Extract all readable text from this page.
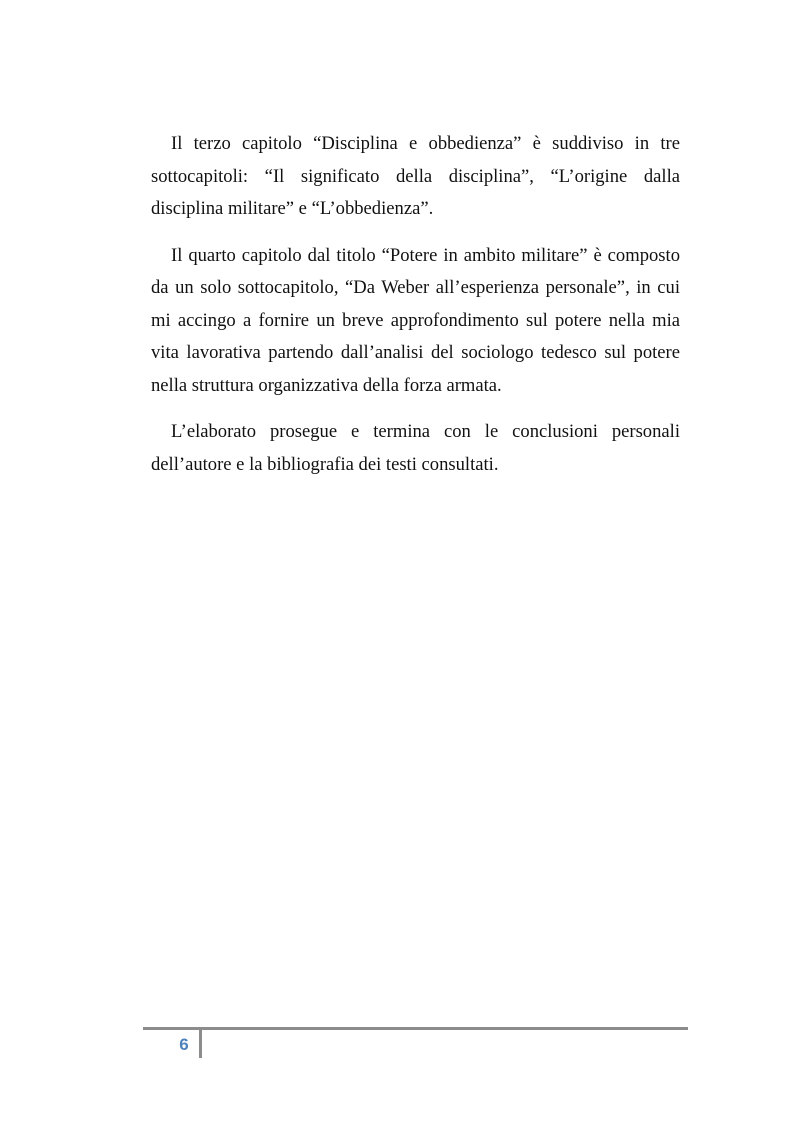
Il terzo capitolo “Disciplina e obbedienza” è suddiviso in tre sottocapitoli: “Il significato della disciplina”, “L’origine dalla disciplina militare” e “L’obbedienza”.

Il quarto capitolo dal titolo “Potere in ambito militare” è composto da un solo sottocapitolo, “Da Weber all’esperienza personale”, in cui mi accingo a fornire un breve approfondimento sul potere nella mia vita lavorativa partendo dall’analisi del sociologo tedesco sul potere nella struttura organizzativa della forza armata.

L’elaborato prosegue e termina con le conclusioni personali dell’autore e la bibliografia dei testi consultati.

6
